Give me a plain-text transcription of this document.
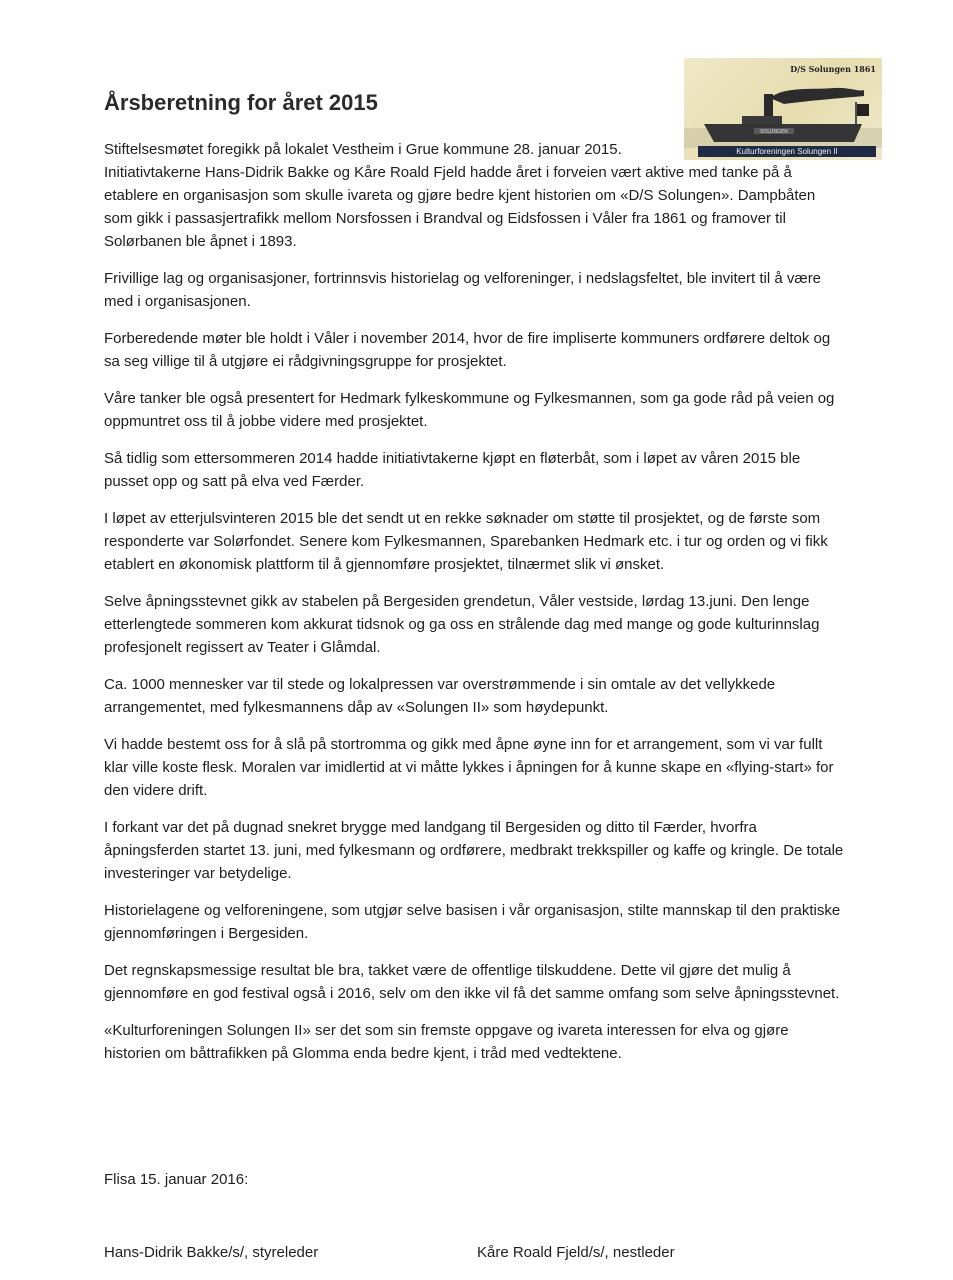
Årsberetning for året 2015
SOLUNGEN
D/S Solungen 1861
Kulturforeningen Solungen II

Stiftelsesmøtet foregikk på lokalet Vestheim i Grue kommune 28. januar 2015. Initiativtakerne Hans-Didrik Bakke og Kåre Roald Fjeld hadde året i forveien vært aktive med tanke på å etablere en organisasjon som skulle ivareta og gjøre bedre kjent historien om «D/S Solungen». Dampbåten som gikk i passasjertrafikk mellom Norsfossen i Brandval og Eidsfossen i Våler fra 1861 og framover til Solørbanen ble åpnet i 1893.

Frivillige lag og organisasjoner, fortrinnsvis historielag og velforeninger, i nedslagsfeltet, ble invitert til å være med i organisasjonen.

Forberedende møter ble holdt i Våler i november 2014, hvor de fire impliserte kommuners ordførere deltok og sa seg villige til å utgjøre ei rådgivningsgruppe for prosjektet.

Våre tanker ble også presentert for Hedmark fylkeskommune og Fylkesmannen, som ga gode råd på veien og oppmuntret oss til å jobbe videre med prosjektet.

Så tidlig som ettersommeren 2014 hadde initiativtakerne kjøpt en fløterbåt, som i løpet av våren 2015 ble pusset opp og satt på elva ved Færder.

I løpet av etterjulsvinteren 2015 ble det sendt ut en rekke søknader om støtte til prosjektet, og de første som responderte var Solørfondet. Senere kom Fylkesmannen, Sparebanken Hedmark etc. i tur og orden og vi fikk etablert en økonomisk plattform til å gjennomføre prosjektet, tilnærmet slik vi ønsket.

Selve åpningsstevnet gikk av stabelen på Bergesiden grendetun, Våler vestside, lørdag 13.juni. Den lenge etterlengtede sommeren kom akkurat tidsnok og ga oss en strålende dag med mange og gode kulturinnslag profesjonelt regissert av Teater i Glåmdal.

Ca. 1000 mennesker var til stede og lokalpressen var overstrømmende i sin omtale av det vellykkede arrangementet, med fylkesmannens dåp av «Solungen II» som høydepunkt.

Vi hadde bestemt oss for å slå på stortromma og gikk med åpne øyne inn for et arrangement, som vi var fullt klar ville koste flesk. Moralen var imidlertid at vi måtte lykkes i åpningen for å kunne skape en «flying-start» for den videre drift.

I forkant var det på dugnad snekret brygge med landgang til Bergesiden og ditto til Færder, hvorfra åpningsferden startet 13. juni, med fylkesmann og ordførere, medbrakt trekkspiller og kaffe og kringle. De totale investeringer var betydelige.

Historielagene og velforeningene, som utgjør selve basisen i vår organisasjon, stilte mannskap til den praktiske gjennomføringen i Bergesiden.

Det regnskapsmessige resultat ble bra, takket være de offentlige tilskuddene. Dette vil gjøre det mulig å gjennomføre en god festival også i 2016, selv om den ikke vil få det samme omfang som selve åpningsstevnet.

«Kulturforeningen Solungen II» ser det som sin fremste oppgave og ivareta interessen for elva og gjøre historien om båttrafikken på Glomma enda bedre kjent, i tråd med vedtektene.

Flisa 15. januar 2016:
Hans-Didrik Bakke/s/, styreleder	Kåre Roald Fjeld/s/, nestleder
